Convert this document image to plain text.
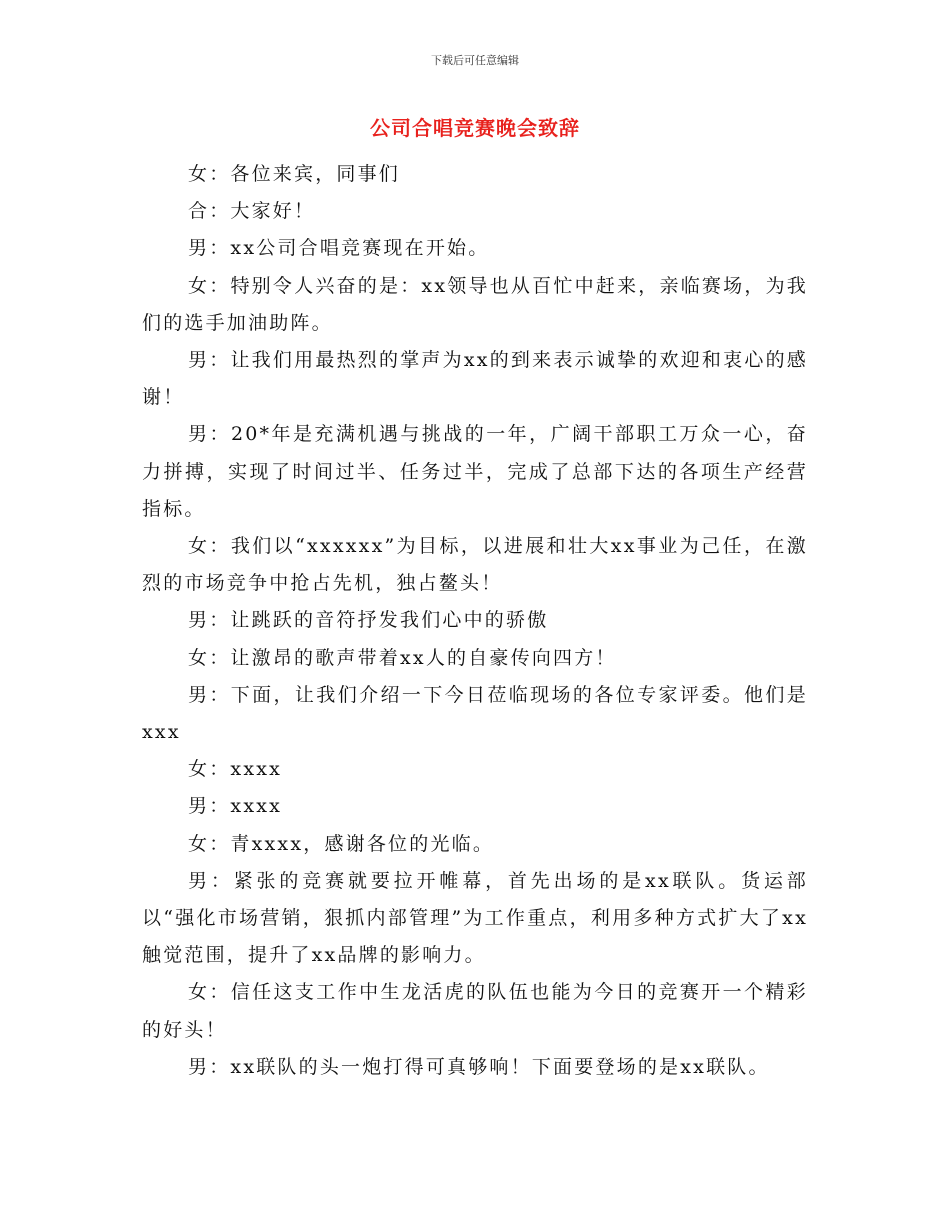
下载后可任意编辑
公司合唱竞赛晚会致辞

女：各位来宾，同事们

合：大家好！

男：xx公司合唱竞赛现在开始。

女：特别令人兴奋的是：xx领导也从百忙中赶来，亲临赛场，为我们的选手加油助阵。

男：让我们用最热烈的掌声为xx的到来表示诚挚的欢迎和衷心的感谢！

男：20*年是充满机遇与挑战的一年，广阔干部职工万众一心，奋力拼搏，实现了时间过半、任务过半，完成了总部下达的各项生产经营指标。

女：我们以“xxxxxx”为目标，以进展和壮大xx事业为己任，在激烈的市场竞争中抢占先机，独占鳌头！

男：让跳跃的音符抒发我们心中的骄傲

女：让激昂的歌声带着xx人的自豪传向四方！

男：下面，让我们介绍一下今日莅临现场的各位专家评委。他们是xxx

女：xxxx

男：xxxx

女：青xxxx，感谢各位的光临。

男：紧张的竞赛就要拉开帷幕，首先出场的是xx联队。货运部以“强化市场营销，狠抓内部管理”为工作重点，利用多种方式扩大了xx触觉范围，提升了xx品牌的影响力。

女：信任这支工作中生龙活虎的队伍也能为今日的竞赛开一个精彩的好头！

男：xx联队的头一炮打得可真够响！下面要登场的是xx联队。
